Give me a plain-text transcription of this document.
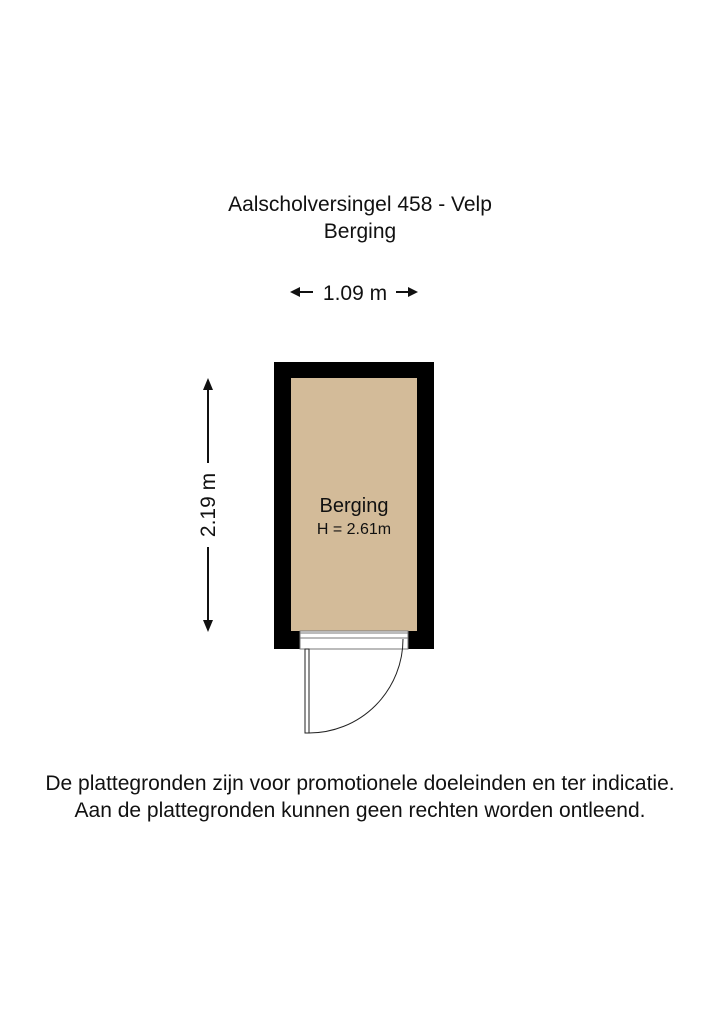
Aalscholversingel 458 - Velp
Berging
1.09 m
2.19 m	Berging
H = 2.61m
De plattegronden zijn voor promotionele doeleinden en ter indicatie.
Aan de plattegronden kunnen geen rechten worden ontleend.
